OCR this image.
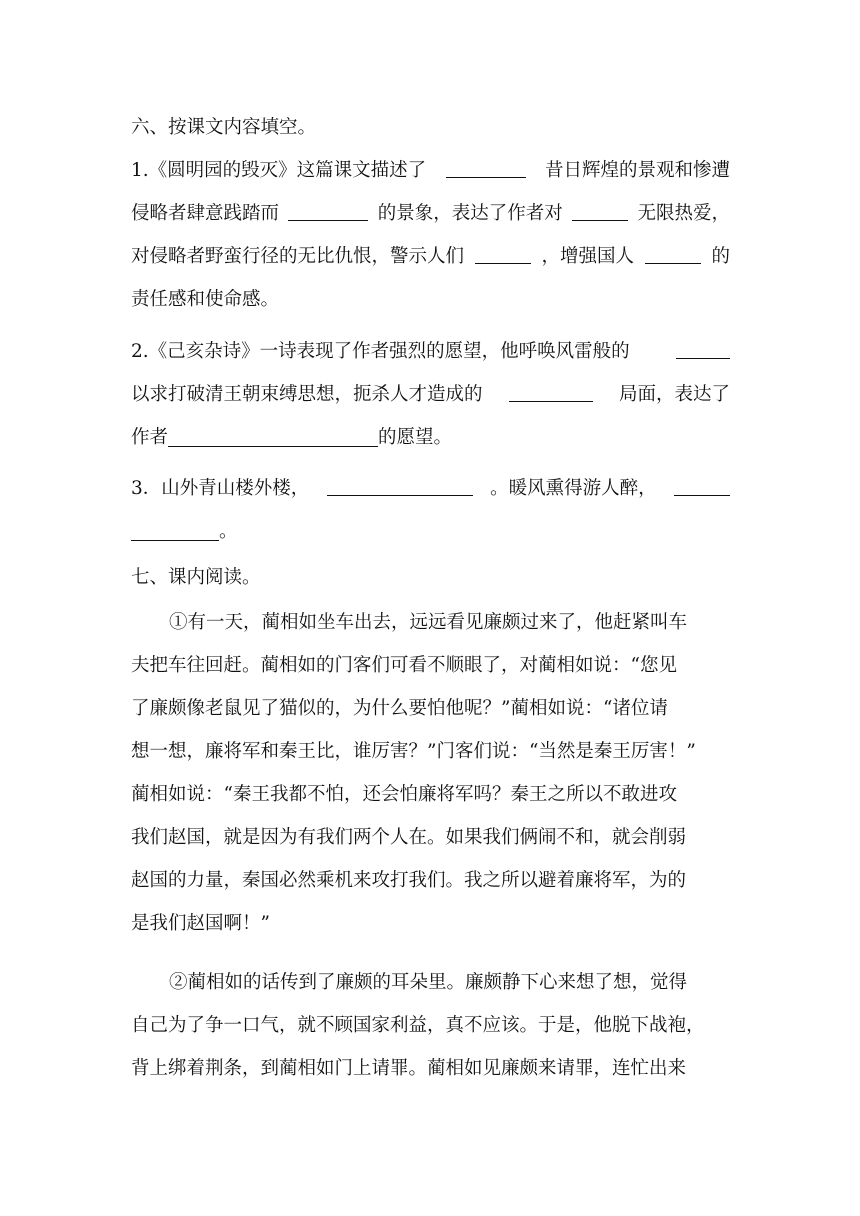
六、按课文内容填空。
1.《圆明园的毁灭》这篇课文描述了	昔日辉煌的景观和惨遭
侵略者肆意践踏而	的景象，表达了作者对	无限热爱，
对侵略者野蛮行径的无比仇恨，警示人们	，增强国人	的
责任感和使命感。
2.《己亥杂诗》一诗表现了作者强烈的愿望，他呼唤风雷般的
以求打破清王朝束缚思想，扼杀人才造成的	局面，表达了
作者	的愿望。
3．山外青山楼外楼，	。暖风熏得游人醉，
。
七、课内阅读。
①有一天，蔺相如坐车出去，远远看见廉颇过来了，他赶紧叫车
夫把车往回赶。蔺相如的门客们可看不顺眼了，对蔺相如说：“您见
了廉颇像老鼠见了猫似的，为什么要怕他呢？”蔺相如说：“诸位请
想一想，廉将军和秦王比，谁厉害？”门客们说：“当然是秦王厉害！”
蔺相如说：“秦王我都不怕，还会怕廉将军吗？秦王之所以不敢进攻
我们赵国，就是因为有我们两个人在。如果我们俩闹不和，就会削弱
赵国的力量，秦国必然乘机来攻打我们。我之所以避着廉将军，为的
是我们赵国啊！”
②蔺相如的话传到了廉颇的耳朵里。廉颇静下心来想了想，觉得
自己为了争一口气，就不顾国家利益，真不应该。于是，他脱下战袍，
背上绑着荆条，到蔺相如门上请罪。蔺相如见廉颇来请罪，连忙出来
